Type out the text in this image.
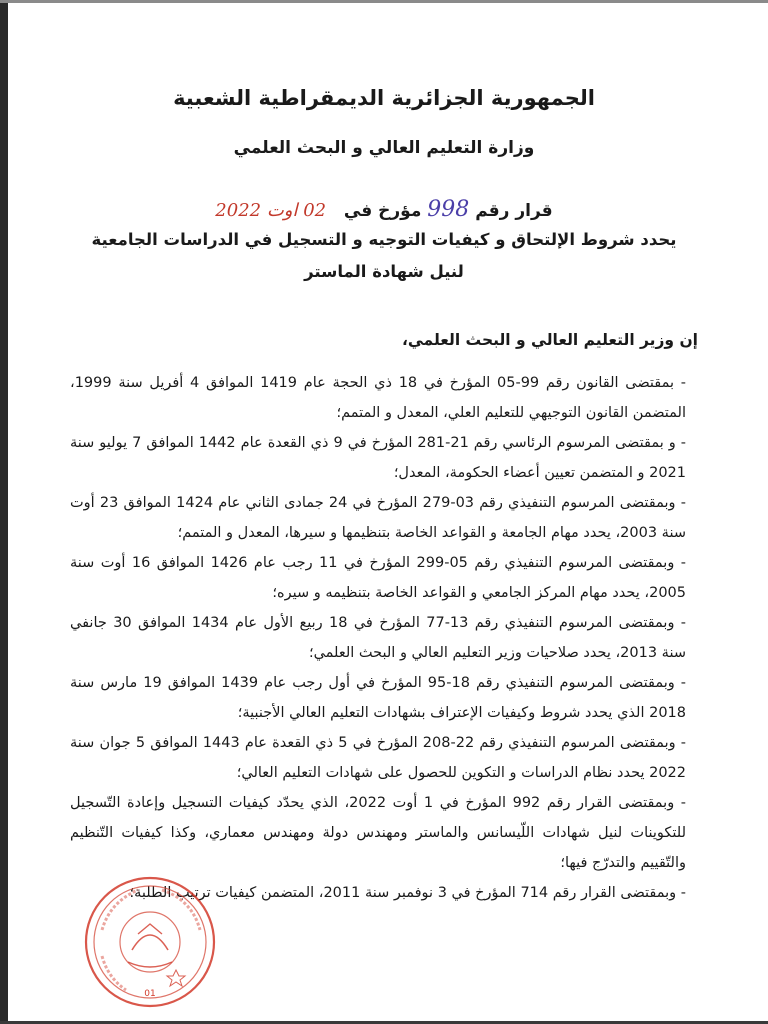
الجمهورية الجزائرية الديمقراطية الشعبية
وزارة التعليم العالي و البحث العلمي
قرار رقم 998 مؤرخ في   02 اوت 2022
يحدد شروط الإلتحاق و كيفيات التوجيه و التسجيل في الدراسات الجامعية
لنيل شهادة الماستر
إن وزير التعليم العالي و البحث العلمي،

- بمقتضى القانون رقم 99-05 المؤرخ في 18 ذي الحجة عام 1419 الموافق 4 أفريل سنة 1999، المتضمن القانون التوجيهي للتعليم العلي، المعدل و المتمم؛

- و بمقتضى المرسوم الرئاسي رقم 21-281 المؤرخ في 9 ذي القعدة عام 1442 الموافق 7 يوليو سنة 2021 و المتضمن تعيين أعضاء الحكومة، المعدل؛

- وبمقتضى المرسوم التنفيذي رقم 03-279 المؤرخ في 24 جمادى الثاني عام 1424 الموافق 23 أوت سنة 2003، يحدد مهام الجامعة و القواعد الخاصة بتنظيمها و سيرها، المعدل و المتمم؛

- وبمقتضى المرسوم التنفيذي رقم 05-299 المؤرخ في 11 رجب عام 1426 الموافق 16 أوت سنة 2005، يحدد مهام المركز الجامعي و القواعد الخاصة بتنظيمه و سيره؛

- وبمقتضى المرسوم التنفيذي رقم 13-77 المؤرخ في 18 ربيع الأول عام 1434 الموافق 30 جانفي سنة 2013، يحدد صلاحيات وزير التعليم العالي و البحث العلمي؛

- وبمقتضى المرسوم التنفيذي رقم 18-95 المؤرخ في أول رجب عام 1439 الموافق 19 مارس سنة 2018 الذي يحدد شروط وكيفيات الإعتراف بشهادات التعليم العالي الأجنبية؛

- وبمقتضى المرسوم التنفيذي رقم 22-208 المؤرخ في 5 ذي القعدة عام 1443 الموافق 5 جوان سنة 2022 يحدد نظام الدراسات و التكوين للحصول على شهادات التعليم العالي؛

- وبمقتضى القرار رقم 992 المؤرخ في 1 أوت 2022، الذي يحدّد كيفيات التسجيل وإعادة التّسجيل للتكوينات لنيل شهادات اللّيسانس والماستر ومهندس دولة ومهندس معماري، وكذا كيفيات التّنظيم والتّقييم والتدرّج فيها؛

- وبمقتضى القرار رقم 714 المؤرخ في 3 نوفمبر سنة 2011، المتضمن كيفيات ترتيب الطلبة؛

01
